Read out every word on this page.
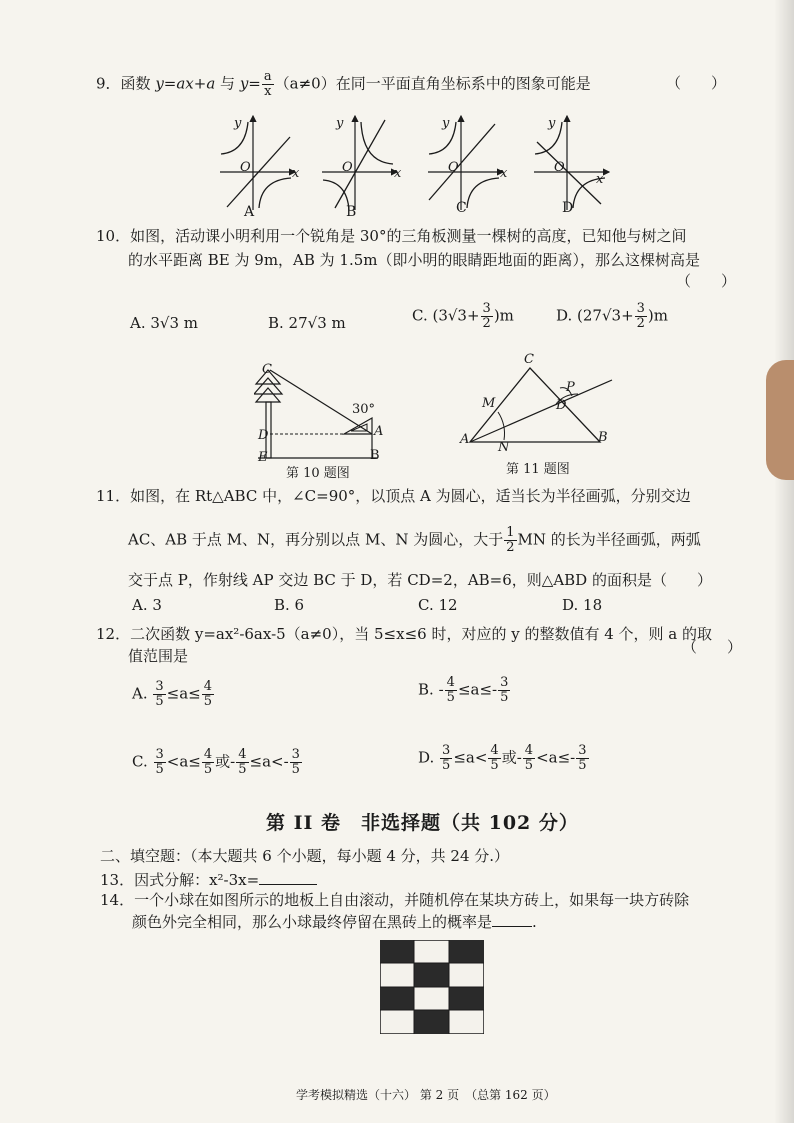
9．函数 y=ax+a 与 $y= \frac{a}{x} (a\ne 0)$在同一平面直角坐标系中的图象可能是	（　　）
A	B	C	D
y
x
O
y
x
O
y
x
O
y
x
O
10．如图，活动课小明利用一个锐角是 30°的三角板测量一棵树的高度，已知他与树之间
的水平距离 BE 为 9m，AB 为 1.5m（即小明的眼睛距地面的距离），那么这棵树高是
（　　）
A. 3√3 m	B. 27√3 m	C. $(3√3+ \frac{3}{2} )m$	D. $(27√3+ \frac{3}{2} )m$
C
D
E
A
B
30°
第 10 题图
C
M
P
D
A
N
B
第 11 题图
11．如图，在 Rt△ABC 中，∠C=90°，以顶点 A 为圆心，适当长为半径画弧，分别交边
AC、AB 于点 M、N，再分别以点 M、N 为圆心，大于 $\frac{1}{2}$ MN 的长为半径画弧，两弧
交于点 P，作射线 AP 交边 BC 于 D，若 CD=2，AB=6，则△ABD 的面积是（　　）
A. 3	B. 6	C. 12	D. 18
12．二次函数 y=ax²-6ax-5（a≠0），当 5≤x≤6 时，对应的 y 的整数值有 4 个，则 a 的取
值范围是	（　　）
A. $\frac{3}{5} \le a\le \frac{4}{5}$	B. - $\frac{4}{5} \le a\le- \frac{3}{5}$
C. $\frac{3}{5} <a\le \frac{4}{5}$ 或- $\frac{4}{5} \le a<- \frac{3}{5}$	D. $\frac{3}{5} \le a< \frac{4}{5}$ 或- $\frac{4}{5} <a\le- \frac{3}{5}$
第 II 卷　非选择题（共 102 分）
二、填空题：（本大题共 6 个小题，每小题 4 分，共 24 分.）
13．因式分解：x²-3x=
14．一个小球在如图所示的地板上自由滚动，并随机停在某块方砖上，如果每一块方砖除
颜色外完全相同，那么小球最终停留在黑砖上的概率是	.
学考模拟精选（十六） 第 2 页　（总第 162 页）
